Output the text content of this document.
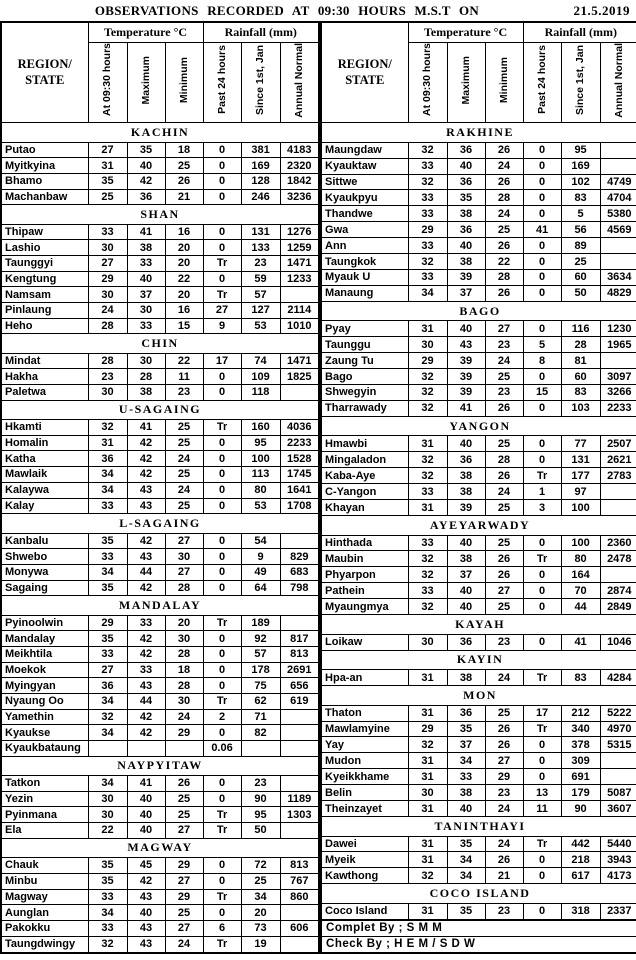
OBSERVATIONS RECORDED AT 09:30 HOURS M.S.T ON	21.5.2019
REGION/
STATE	Temperature °C			Rainfall (mm)		
	At 09:30 hours	Maximum	Minimum	Past 24 hours	Since 1st, Jan	Annual Normal
KACHIN						
Putao	27	35	18	0	381	4183
Myitkyina	31	40	25	0	169	2320
Bhamo	35	42	26	0	128	1842
Machanbaw	25	36	21	0	246	3236
SHAN						
Thipaw	33	41	16	0	131	1276
Lashio	30	38	20	0	133	1259
Taunggyi	27	33	20	Tr	23	1471
Kengtung	29	40	22	0	59	1233
Namsam	30	37	20	Tr	57	
Pinlaung	24	30	16	27	127	2114
Heho	28	33	15	9	53	1010
CHIN						
Mindat	28	30	22	17	74	1471
Hakha	23	28	11	0	109	1825
Paletwa	30	38	23	0	118	
U-SAGAING						
Hkamti	32	41	25	Tr	160	4036
Homalin	31	42	25	0	95	2233
Katha	36	42	24	0	100	1528
Mawlaik	34	42	25	0	113	1745
Kalaywa	34	43	24	0	80	1641
Kalay	33	43	25	0	53	1708
L-SAGAING						
Kanbalu	35	42	27	0	54	
Shwebo	33	43	30	0	9	829
Monywa	34	44	27	0	49	683
Sagaing	35	42	28	0	64	798
MANDALAY						
Pyinoolwin	29	33	20	Tr	189	
Mandalay	35	42	30	0	92	817
Meikhtila	33	42	28	0	57	813
Moekok	27	33	18	0	178	2691
Myingyan	36	43	28	0	75	656
Nyaung Oo	34	44	30	Tr	62	619
Yamethin	32	42	24	2	71	
Kyaukse	34	42	29	0	82	
Kyaukbataung				0.06		
NAYPYITAW						
Tatkon	34	41	26	0	23	
Yezin	30	40	25	0	90	1189
Pyinmana	30	40	25	Tr	95	1303
Ela	22	40	27	Tr	50	
MAGWAY						
Chauk	35	45	29	0	72	813
Minbu	35	42	27	0	25	767
Magway	33	43	29	Tr	34	860
Aunglan	34	40	25	0	20	
Pakokku	33	43	27	6	73	606
Taungdwingy	32	43	24	Tr	19	
REGION/
STATE	Temperature °C			Rainfall (mm)		
	At 09:30 hours	Maximum	Minimum	Past 24 hours	Since 1st, Jan	Annual Normal
RAKHINE						
Maungdaw	32	36	26	0	95	
Kyauktaw	33	40	24	0	169	
Sittwe	32	36	26	0	102	4749
Kyaukpyu	33	35	28	0	83	4704
Thandwe	33	38	24	0	5	5380
Gwa	29	36	25	41	56	4569
Ann	33	40	26	0	89	
Taungkok	32	38	22	0	25	
Myauk U	33	39	28	0	60	3634
Manaung	34	37	26	0	50	4829
BAGO						
Pyay	31	40	27	0	116	1230
Taunggu	30	43	23	5	28	1965
Zaung Tu	29	39	24	8	81	
Bago	32	39	25	0	60	3097
Shwegyin	32	39	23	15	83	3266
Tharrawady	32	41	26	0	103	2233
YANGON						
Hmawbi	31	40	25	0	77	2507
Mingaladon	32	36	28	0	131	2621
Kaba-Aye	32	38	26	Tr	177	2783
C-Yangon	33	38	24	1	97	
Khayan	31	39	25	3	100	
AYEYARWADY						
Hinthada	33	40	25	0	100	2360
Maubin	32	38	26	Tr	80	2478
Phyarpon	32	37	26	0	164	
Pathein	33	40	27	0	70	2874
Myaungmya	32	40	25	0	44	2849
KAYAH						
Loikaw	30	36	23	0	41	1046
KAYIN						
Hpa-an	31	38	24	Tr	83	4284
MON						
Thaton	31	36	25	17	212	5222
Mawlamyine	29	35	26	Tr	340	4970
Yay	32	37	26	0	378	5315
Mudon	31	34	27	0	309	
Kyeikkhame	31	33	29	0	691	
Belin	30	38	23	13	179	5087
Theinzayet	31	40	24	11	90	3607
TANINTHAYI						
Dawei	31	35	24	Tr	442	5440
Myeik	31	34	26	0	218	3943
Kawthong	32	34	21	0	617	4173
COCO ISLAND						
Coco Island	31	35	23	0	318	2337

Complet By ; S M M						
Check By ; H E M / S D W						
